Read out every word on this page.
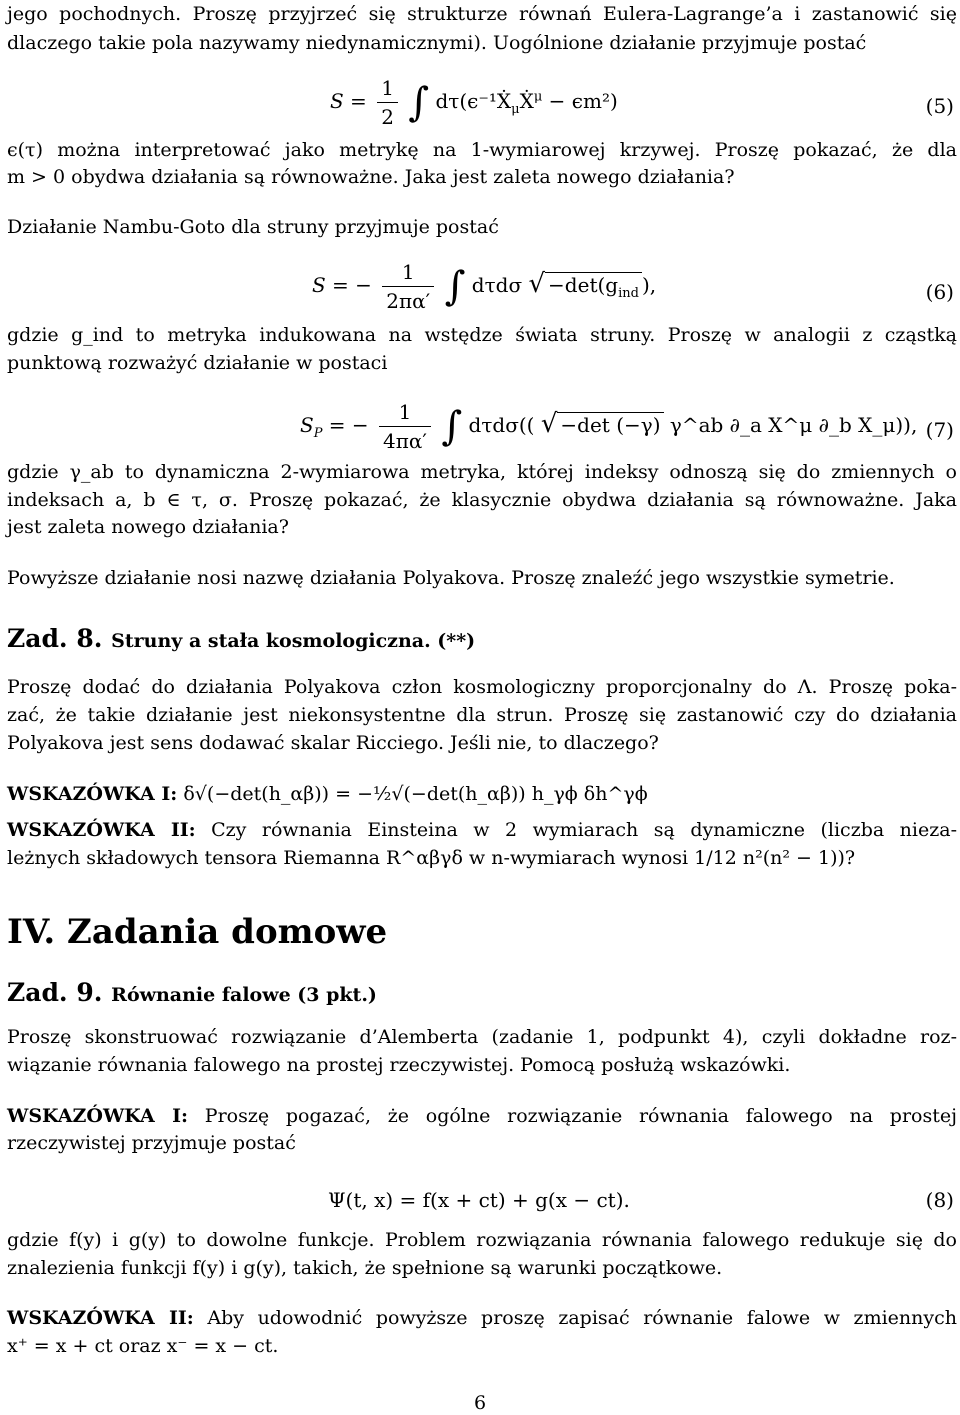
jego pochodnych. Proszę przyjrzeć się strukturze równań Eulera-Lagrange’a i zastanowić się
dlaczego takie pola nazywamy niedynamicznymi). Uogólnione działanie przyjmuje postać
$S = \frac{1}{2}$ ∫ dτ(ϵ⁻¹Ẋ$_\mu$Ẋ$^\mu$ − ϵm²)	(5)
ϵ(τ) można interpretować jako metrykę na 1-wymiarowej krzywej. Proszę pokazać, że dla
m > 0 obydwa działania są równoważne. Jaka jest zaleta nowego działania?
Działanie Nambu-Goto dla struny przyjmuje postać
S = − $\frac{1}{2\pi\alpha'}$ ∫ dτdσ √ $-\det(g_{ind}$ ),	(6)
gdzie g_ind to metryka indukowana na wstędze świata struny. Proszę w analogii z cząstką
punktową rozważyć działanie w postaci
$S_P$ = − $\frac{1}{4\pi\alpha'}$ ∫ dτdσ(( √ −det (−γ) γ^ab ∂_a X^μ ∂_b X_μ)), (7)
gdzie γ_ab to dynamiczna 2-wymiarowa metryka, której indeksy odnoszą się do zmiennych o
indeksach a, b ∈ τ, σ. Proszę pokazać, że klasycznie obydwa działania są równoważne. Jaka
jest zaleta nowego działania?
Powyższe działanie nosi nazwę działania Polyakova. Proszę znaleźć jego wszystkie symetrie.
Zad. 8. Struny a stała kosmologiczna. (**)
Proszę dodać do działania Polyakova człon kosmologiczny proporcjonalny do Λ. Proszę poka-
zać, że takie działanie jest niekonsystentne dla strun. Proszę się zastanowić czy do działania
Polyakova jest sens dodawać skalar Ricciego. Jeśli nie, to dlaczego?
WSKAZÓWKA I: δ√(−det(h_αβ)) = −½√(−det(h_αβ)) h_γϕ δh^γϕ
WSKAZÓWKA II: Czy równania Einsteina w 2 wymiarach są dynamiczne (liczba nieza-
leżnych składowych tensora Riemanna R^αβγδ w n-wymiarach wynosi 1/12 n²(n² − 1))?
IV. Zadania domowe
Zad. 9. Równanie falowe (3 pkt.)
Proszę skonstruować rozwiązanie d’Alemberta (zadanie 1, podpunkt 4), czyli dokładne roz-
wiązanie równania falowego na prostej rzeczywistej. Pomocą posłużą wskazówki.
WSKAZÓWKA I: Proszę pogazać, że ogólne rozwiązanie równania falowego na prostej
rzeczywistej przyjmuje postać
Ψ(t, x) = f(x + ct) + g(x − ct).	(8)
gdzie f(y) i g(y) to dowolne funkcje. Problem rozwiązania równania falowego redukuje się do
znalezienia funkcji f(y) i g(y), takich, że spełnione są warunki początkowe.
WSKAZÓWKA II: Aby udowodnić powyższe proszę zapisać równanie falowe w zmiennych
x⁺ = x + ct oraz x⁻ = x − ct.
6
